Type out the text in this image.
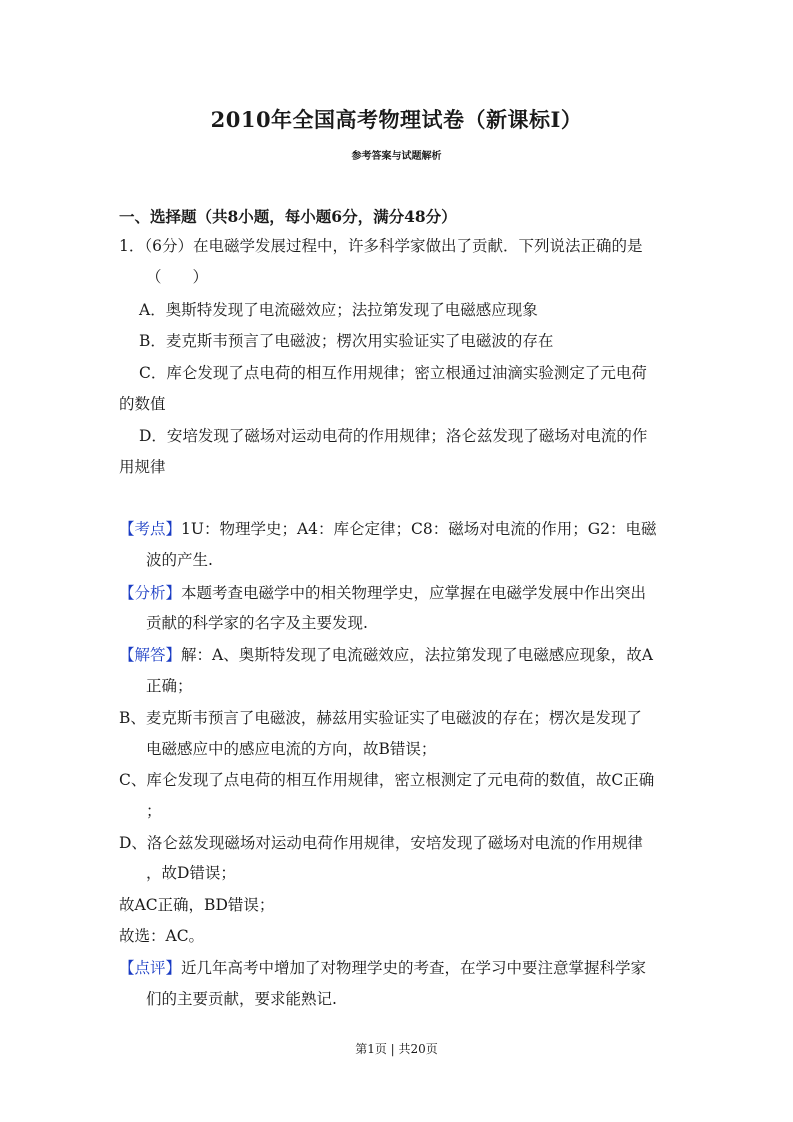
2010年全国高考物理试卷（新课标Ⅰ）
参考答案与试题解析
一、选择题（共8小题，每小题6分，满分48分）
1．（6分）在电磁学发展过程中，许多科学家做出了贡献．下列说法正确的是
（　　）
A．奥斯特发现了电流磁效应；法拉第发现了电磁感应现象
B．麦克斯韦预言了电磁波；楞次用实验证实了电磁波的存在
C．库仑发现了点电荷的相互作用规律；密立根通过油滴实验测定了元电荷
的数值
D．安培发现了磁场对运动电荷的作用规律；洛仑兹发现了磁场对电流的作
用规律
【考点】1U：物理学史；A4：库仑定律；C8：磁场对电流的作用；G2：电磁
波的产生.
【分析】本题考查电磁学中的相关物理学史，应掌握在电磁学发展中作出突出
贡献的科学家的名字及主要发现.
【解答】解：A、奥斯特发现了电流磁效应，法拉第发现了电磁感应现象，故A
正确；
B、麦克斯韦预言了电磁波，赫兹用实验证实了电磁波的存在；楞次是发现了
电磁感应中的感应电流的方向，故B错误；
C、库仑发现了点电荷的相互作用规律，密立根测定了元电荷的数值，故C正确
；
D、洛仑兹发现磁场对运动电荷作用规律，安培发现了磁场对电流的作用规律
，故D错误；
故AC正确，BD错误；
故选：AC。
【点评】近几年高考中增加了对物理学史的考查，在学习中要注意掌握科学家
们的主要贡献，要求能熟记.
第1页 | 共20页
